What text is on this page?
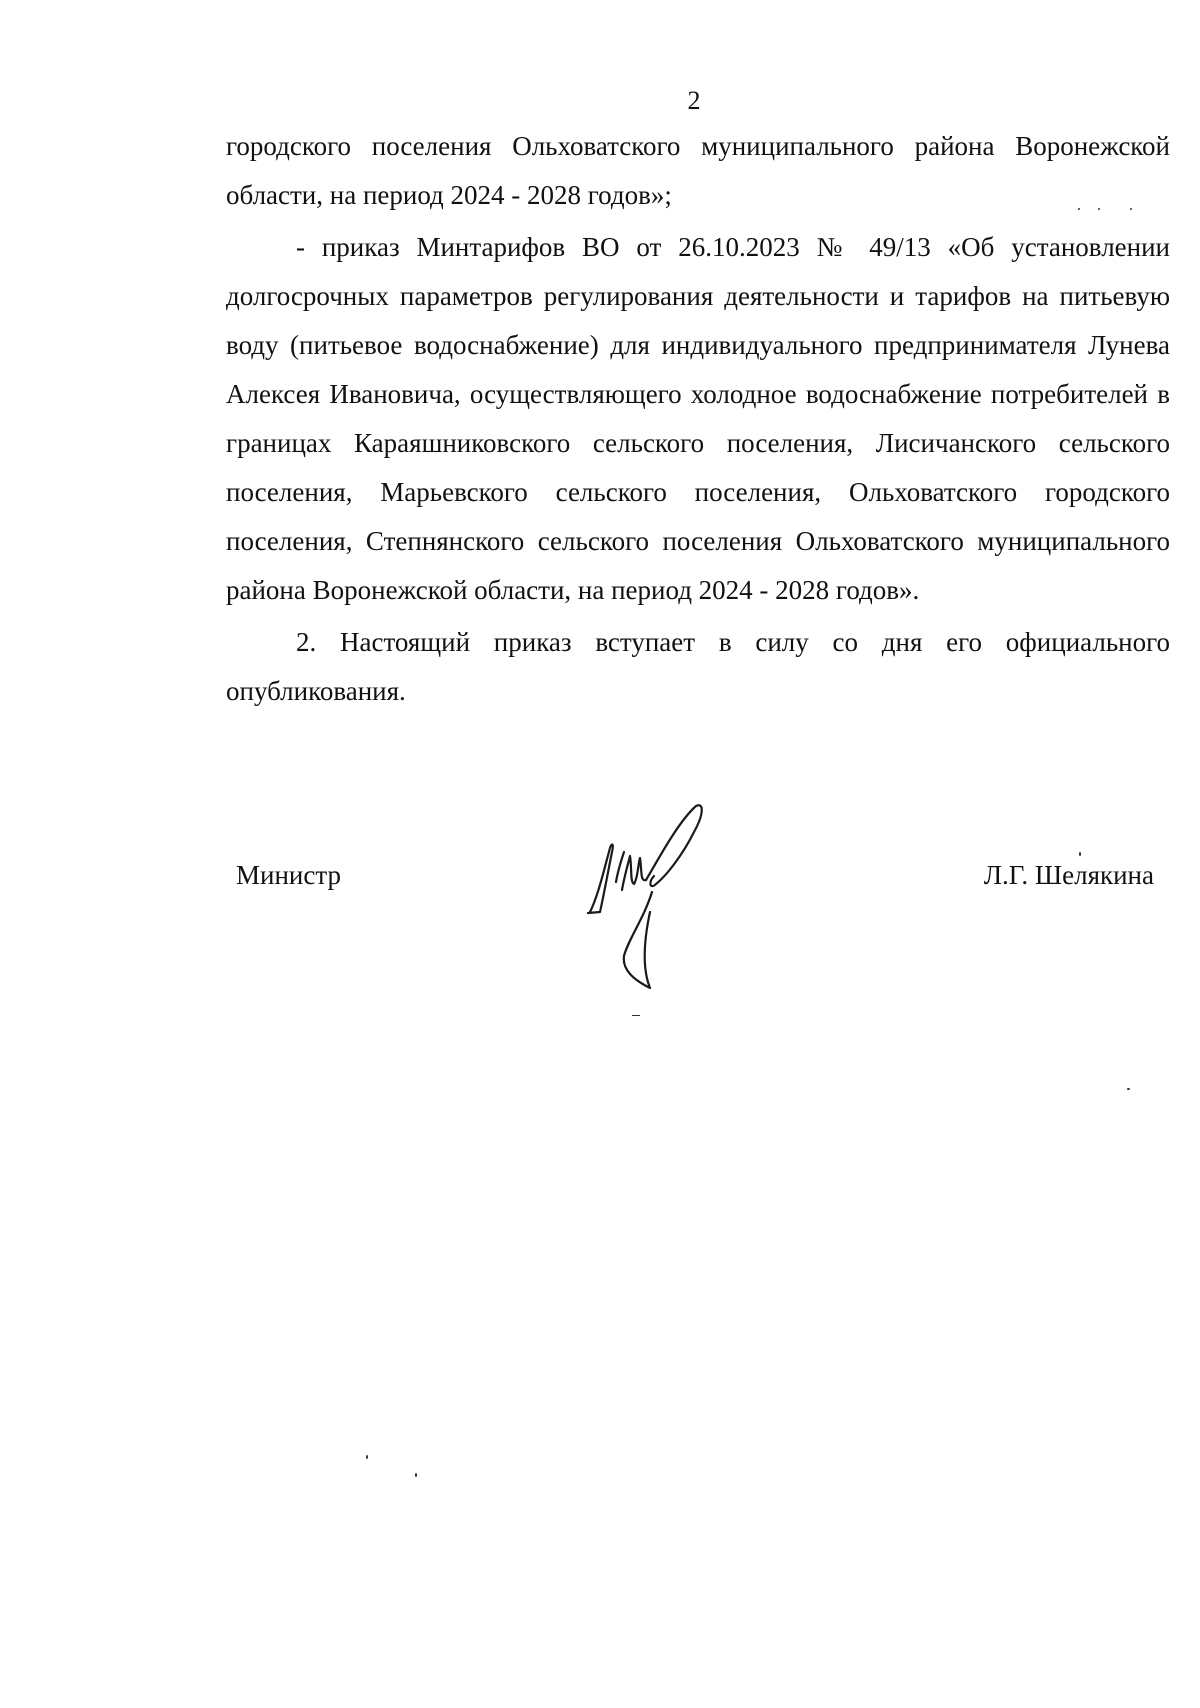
2

городского поселения Ольховатского муниципального района Воронежской области, на период 2024 - 2028 годов»;

- приказ Минтарифов ВО от 26.10.2023 № 49/13 «Об установлении долгосрочных параметров регулирования деятельности и тарифов на питьевую воду (питьевое водоснабжение) для индивидуального предпринимателя Лунева Алексея Ивановича, осуществляющего холодное водоснабжение потребителей в границах Караяшниковского сельского поселения, Лисичанского сельского поселения, Марьевского сельского поселения, Ольховатского городского поселения, Степнянского сельского поселения Ольховатского муниципального района Воронежской области, на период 2024 - 2028 годов».

2. Настоящий приказ вступает в силу со дня его официального опубликования.

Министр	Л.Г. Шелякина
